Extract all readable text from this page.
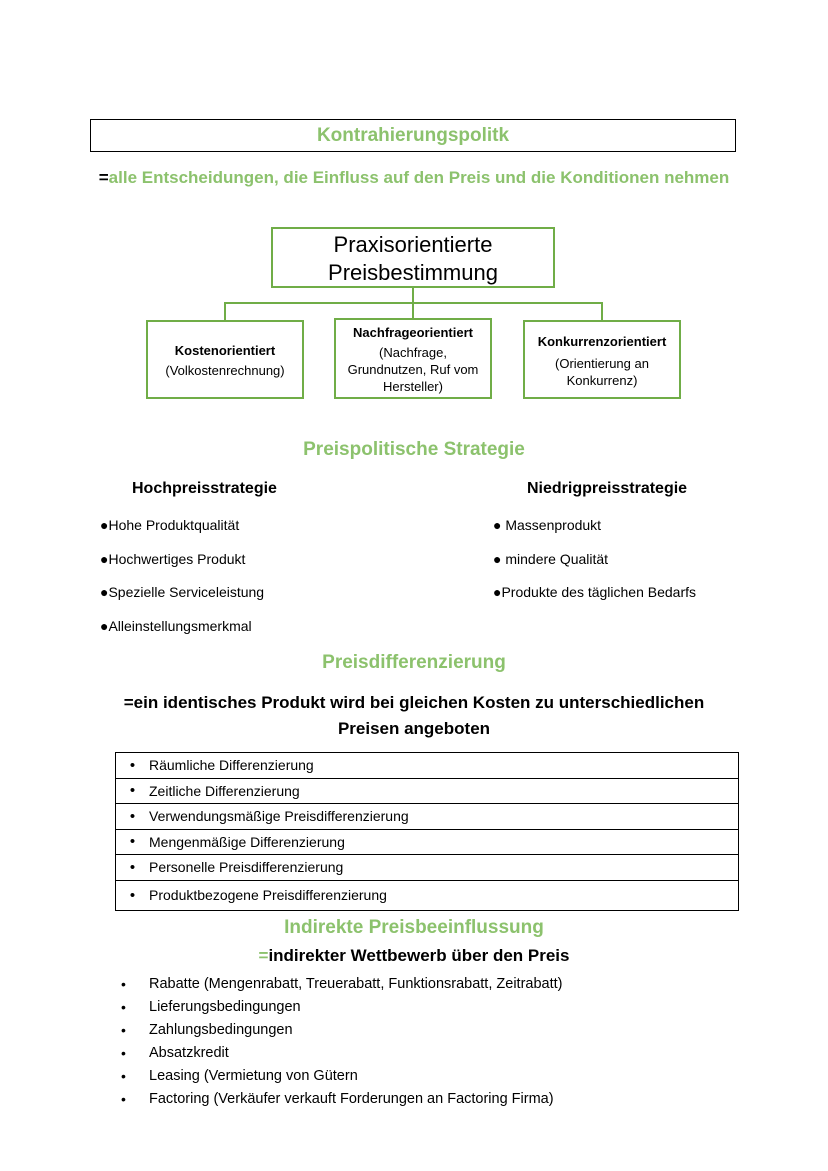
Kontrahierungspolitk
=alle Entscheidungen, die Einfluss auf den Preis und die Konditionen nehmen
Praxisorientierte
Preisbestimmung
Kostenorientiert
(Volkostenrechnung)
Nachfrageorientiert
(Nachfrage,
Grundnutzen, Ruf vom
Hersteller)
Konkurrenzorientiert
(Orientierung an
Konkurrenz)
Preispolitische Strategie
Hochpreisstrategie	Niedrigpreisstrategie
●Hohe Produktqualität
●Hochwertiges Produkt
●Spezielle Serviceleistung
●Alleinstellungsmerkmal
● Massenprodukt
● mindere Qualität
●Produkte des täglichen Bedarfs
Preisdifferenzierung
=ein identisches Produkt wird bei gleichen Kosten zu unterschiedlichen
Preisen angeboten
• Räumliche Differenzierung
• Zeitliche Differenzierung
• Verwendungsmäßige Preisdifferenzierung
• Mengenmäßige Differenzierung
• Personelle Preisdifferenzierung
• Produktbezogene Preisdifferenzierung
Indirekte Preisbeeinflussung
=indirekter Wettbewerb über den Preis
•	Rabatte (Mengenrabatt, Treuerabatt, Funktionsrabatt, Zeitrabatt)
•	Lieferungsbedingungen
•	Zahlungsbedingungen
•	Absatzkredit
•	Leasing (Vermietung von Gütern
•	Factoring (Verkäufer verkauft Forderungen an Factoring Firma)
